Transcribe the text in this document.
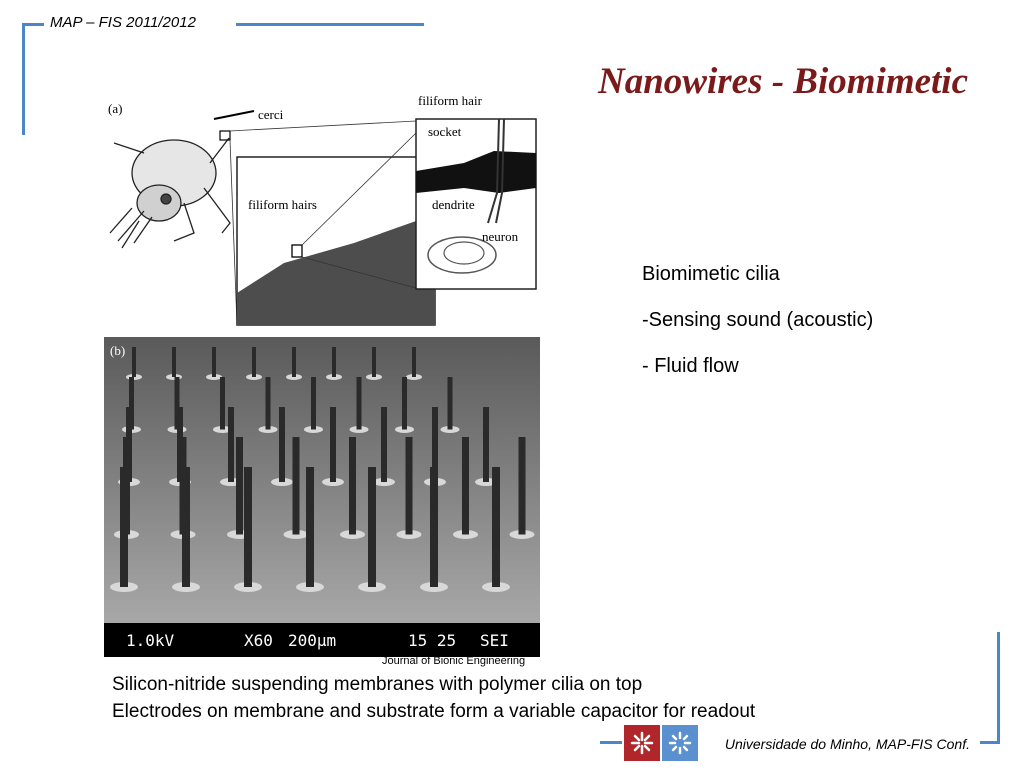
MAP – FIS 2011/2012
Nanowires - Biomimetic
(a)	cerci
filiform hairs
filiform hair
socket
dendrite
neuron
(b)
1.0kV	X60 200μm	15 25 SEI
Journal of Bionic Engineering
Biomimetic cilia
-Sensing sound (acoustic)
- Fluid flow
Silicon-nitride suspending membranes with polymer cilia on top
Electrodes on membrane and substrate form a variable capacitor for readout
Universidade do Minho, MAP-FIS Conf.
